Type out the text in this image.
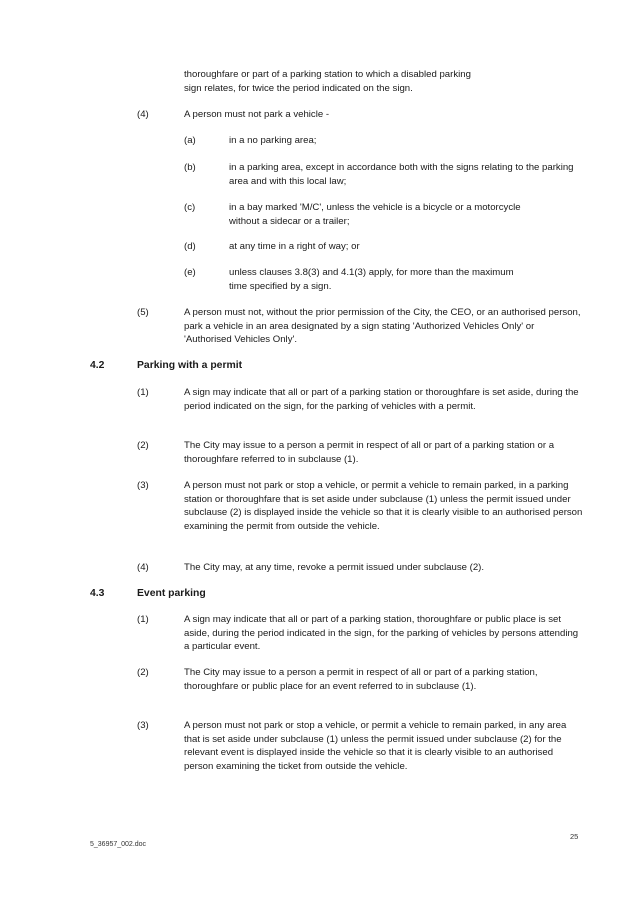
thoroughfare or part of a parking station to which a disabled parking sign relates, for twice the period indicated on the sign.

(4)	A person must not park a vehicle -
(a)	in a no parking area;
(b)	in a parking area, except in accordance both with the signs relating to the parking area and with this local law;
(c)	in a bay marked 'M/C', unless the vehicle is a bicycle or a motorcycle without a sidecar or a trailer;
(d)	at any time in a right of way; or
(e)	unless clauses 3.8(3) and 4.1(3) apply, for more than the maximum time specified by a sign.
(5)	A person must not, without the prior permission of the City, the CEO, or an authorised person, park a vehicle in an area designated by a sign stating 'Authorized Vehicles Only' or 'Authorised Vehicles Only'.
4.2	Parking with a permit
(1)	A sign may indicate that all or part of a parking station or thoroughfare is set aside, during the period indicated on the sign, for the parking of vehicles with a permit.
(2)	The City may issue to a person a permit in respect of all or part of a parking station or a thoroughfare referred to in subclause (1).
(3)	A person must not park or stop a vehicle, or permit a vehicle to remain parked, in a parking station or thoroughfare that is set aside under subclause (1) unless the permit issued under subclause (2) is displayed inside the vehicle so that it is clearly visible to an authorised person examining the permit from outside the vehicle.
(4)	The City may, at any time, revoke a permit issued under subclause (2).
4.3	Event parking
(1)	A sign may indicate that all or part of a parking station, thoroughfare or public place is set aside, during the period indicated in the sign, for the parking of vehicles by persons attending a particular event.
(2)	The City may issue to a person a permit in respect of all or part of a parking station, thoroughfare or public place for an event referred to in subclause (1).
(3)	A person must not park or stop a vehicle, or permit a vehicle to remain parked, in any area that is set aside under subclause (1) unless the permit issued under subclause (2) for the relevant event is displayed inside the vehicle so that it is clearly visible to an authorised person examining the ticket from outside the vehicle.
5_36957_002.doc
25
